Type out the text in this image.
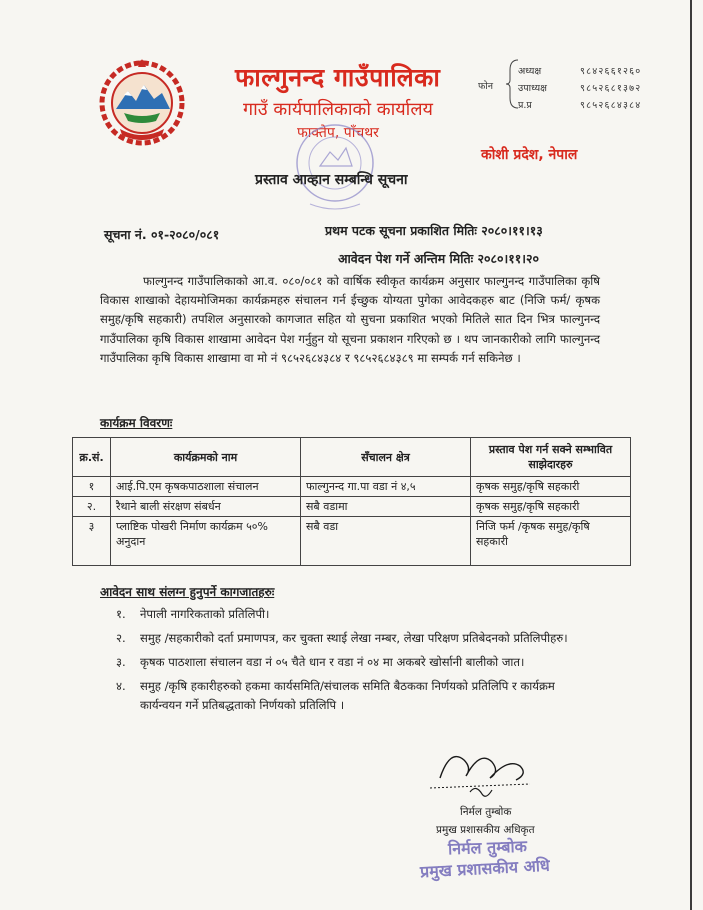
फाल्गुनन्द गाउँपालिका
गाउँ कार्यपालिकाको कार्यालय
फाक्तेप, पाँचथर
कोशी प्रदेश, नेपाल
फोन
अध्यक्ष	९८४२६६१२६०
उपाध्यक्ष	९८५२६८१३७२
प्र.प्र	९८५२६८४३८४
प्रस्ताव आव्हान सम्बन्धि सूचना
सूचना नं. ०१-२०८०/०८१	प्रथम पटक सूचना प्रकाशित मितिः २०८०।११।१३
आवेदन पेश गर्ने अन्तिम मितिः २०८०।११।२०
फाल्गुनन्द गाउँपालिकाको आ.व. ०८०/०८१ को वार्षिक स्वीकृत कार्यक्रम अनुसार फाल्गुनन्द गाउँपालिका कृषि विकास शाखाको देहायमोजिमका कार्यक्रमहरु संचालन गर्न ईच्छुक योग्यता पुगेका आवेदकहरु बाट (निजि फर्म/ कृषक समुह/कृषि सहकारी) तपशिल अनुसारको कागजात सहित यो सुचना प्रकाशित भएको मितिले सात दिन भित्र फाल्गुनन्द गाउँपालिका कृषि विकास शाखामा आवेदन पेश गर्नुहुन यो सूचना प्रकाशन गरिएको छ । थप जानकारीको लागि फाल्गुनन्द गाउँपालिका कृषि विकास शाखामा वा मो नं ९८५२६८४३८४ र ९८५२६८४३८९ मा सम्पर्क गर्न सकिनेछ ।
कार्यक्रम विवरणः
क्र.सं.	कार्यक्रमको नाम	सँचालन क्षेत्र	प्रस्ताव पेश गर्न सक्ने सम्भावित साझेदारहरु
१	आई.पि.एम कृषकपाठशाला संचालन	फाल्गुनन्द गा.पा वडा नं ४,५	कृषक समुह/कृषि सहकारी
२.	रैथाने बाली संरक्षण संबर्धन	सबै वडामा	कृषक समुह/कृषि सहकारी
३	प्लाष्टिक पोखरी निर्माण कार्यक्रम ५०% अनुदान	सबै वडा	निजि फर्म /कृषक समुह/कृषि सहकारी
आवेदन साथ संलग्न हुनुपर्ने कागजातहरुः
१.	नेपाली नागरिकताको प्रतिलिपी।
२.	समुह /सहकारीको दर्ता प्रमाणपत्र, कर चुक्ता स्थाई लेखा नम्बर, लेखा परिक्षण प्रतिबेदनको प्रतिलिपीहरु।
३.	कृषक पाठशाला संचालन वडा नं ०५ चैते धान र वडा नं ०४ मा अकबरे खोर्सानी बालीको जात।
४.	समुह /कृषि हकारीहरुको हकमा कार्यसमिति/संचालक समिति बैठकका निर्णयको प्रतिलिपि र कार्यक्रम कार्यन्वयन गर्ने प्रतिबद्धताको निर्णयको प्रतिलिपि ।
निर्मल तुम्बोक
प्रमुख प्रशासकीय अधिकृत
निर्मल तुम्बोक
प्रमुख प्रशासकीय अधि
